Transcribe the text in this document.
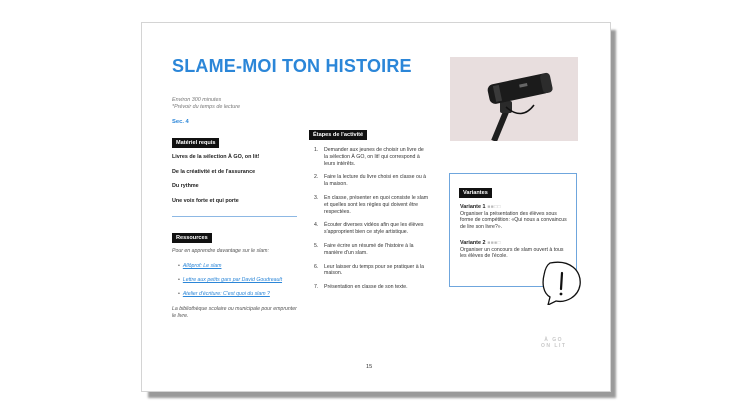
SLAME-MOI TON HISTOIRE
Environ 300 minutes
*Prévoir du temps de lecture
Sec. 4
Matériel requis
Livres de la sélection À GO, on lit!
De la créativité et de l'assurance
Du rythme
Une voix forte et qui porte
Ressources
Pour en apprendre davantage sur le slam:
• Allôprof: Le slam
• Lettre aux petits gars par David Goudreault
• Atelier d'écriture: C'est quoi du slam ?
La bibliothèque scolaire ou municipale pour emprunter le livre.
Étapes de l'activité
1. Demander aux jeunes de choisir un livre de la sélection À GO, on lit! qui correspond à leurs intérêts.
2. Faire la lecture du livre choisi en classe ou à la maison.
3. En classe, présenter en quoi consiste le slam et quelles sont les règles qui doivent être respectées.
4. Écouter diverses vidéos afin que les élèves s'approprient bien ce style artistique.
5. Faire écrire un résumé de l'histoire à la manière d'un slam.
6. Leur laisser du temps pour se pratiquer à la maison.
7. Présentation en classe de son texte.
Variantes
Variante 1 ■■□□
Organiser la présentation des élèves sous forme de compétition: «Qui nous a convaincus de lire son livre?».
Variante 2 ■■■□
Organiser un concours de slam ouvert à tous les élèves de l'école.
À GO
ON LIT
15
